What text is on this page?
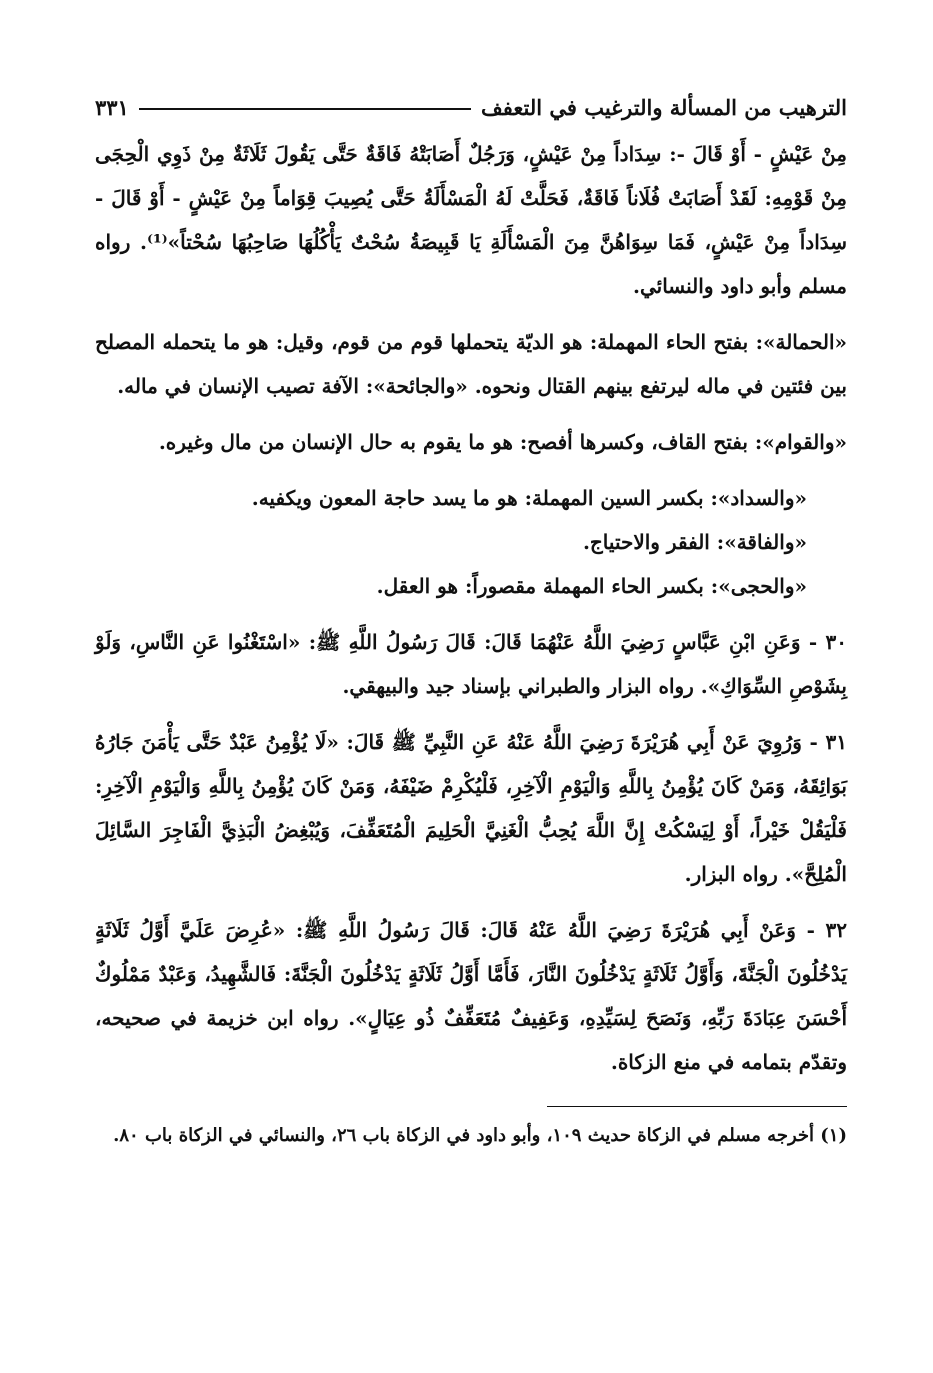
الترهيب من المسألة والترغيب في التعفف
٣٣١

مِنْ عَيْشٍ - أَوْ قَالَ -: سِدَاداً مِنْ عَيْشٍ، وَرَجُلٌ أَصَابَتْهُ فَاقَةٌ حَتَّى يَقُولَ ثَلَاثَةٌ مِنْ ذَوِي الْحِجَى مِنْ قَوْمِهِ: لَقَدْ أَصَابَتْ فُلَاناً فَاقَةٌ، فَحَلَّتْ لَهُ الْمَسْأَلَةُ حَتَّى يُصِيبَ قِوَاماً مِنْ عَيْشٍ - أَوْ قَالَ - سِدَاداً مِنْ عَيْشٍ، فَمَا سِوَاهُنَّ مِنَ الْمَسْأَلَةِ يَا قَبِيصَةُ سُحْتٌ يَأْكُلُهَا صَاحِبُهَا سُحْتاً»⁽¹⁾. رواه مسلم وأبو داود والنسائي.

«الحمالة»: بفتح الحاء المهملة: هو الديّة يتحملها قوم من قوم، وقيل: هو ما يتحمله المصلح بين فئتين في ماله ليرتفع بينهم القتال ونحوه. «والجائحة»: الآفة تصيب الإنسان في ماله.

«والقوام»: بفتح القاف، وكسرها أفصح: هو ما يقوم به حال الإنسان من مال وغيره.

«والسداد»: بكسر السين المهملة: هو ما يسد حاجة المعون ويكفيه.

«والفاقة»: الفقر والاحتياج.

«والحجى»: بكسر الحاء المهملة مقصوراً: هو العقل.

٣٠ - وَعَنِ ابْنِ عَبَّاسٍ رَضِيَ اللَّهُ عَنْهُمَا قَالَ: قَالَ رَسُولُ اللَّهِ ﷺ: «اسْتَغْنُوا عَنِ النَّاسِ، وَلَوْ بِشَوْصِ السِّوَاكِ». رواه البزار والطبراني بإسناد جيد والبيهقي.

٣١ - وَرُوِيَ عَنْ أَبِي هُرَيْرَةَ رَضِيَ اللَّهُ عَنْهُ عَنِ النَّبِيِّ ﷺ قَالَ: «لَا يُؤْمِنُ عَبْدٌ حَتَّى يَأْمَنَ جَارُهُ بَوَائِقَهُ، وَمَنْ كَانَ يُؤْمِنُ بِاللَّهِ وَالْيَوْمِ الْآخِرِ، فَلْيُكْرِمْ ضَيْفَهُ، وَمَنْ كَانَ يُؤْمِنُ بِاللَّهِ وَالْيَوْمِ الْآخِرِ: فَلْيَقُلْ خَيْراً، أَوْ لِيَسْكُتْ إِنَّ اللَّهَ يُحِبُّ الْغَنِيَّ الْحَلِيمَ الْمُتَعَفِّفَ، وَيُبْغِضُ الْبَذِيَّ الْفَاجِرَ السَّائِلَ الْمُلِحَّ». رواه البزار.

٣٢ - وَعَنْ أَبِي هُرَيْرَةَ رَضِيَ اللَّهُ عَنْهُ قَالَ: قَالَ رَسُولُ اللَّهِ ﷺ: «عُرِضَ عَلَيَّ أَوَّلُ ثَلَاثَةٍ يَدْخُلُونَ الْجَنَّةَ، وَأَوَّلُ ثَلَاثَةٍ يَدْخُلُونَ النَّارَ، فَأَمَّا أَوَّلُ ثَلَاثَةٍ يَدْخُلُونَ الْجَنَّةَ: فَالشَّهِيدُ، وَعَبْدٌ مَمْلُوكٌ أَحْسَنَ عِبَادَةَ رَبِّهِ، وَنَصَحَ لِسَيِّدِهِ، وَعَفِيفٌ مُتَعَفِّفٌ ذُو عِيَالٍ». رواه ابن خزيمة في صحيحه، وتقدّم بتمامه في منع الزكاة.

(١) أخرجه مسلم في الزكاة حديث ١٠٩، وأبو داود في الزكاة باب ٢٦، والنسائي في الزكاة باب ٨٠.
